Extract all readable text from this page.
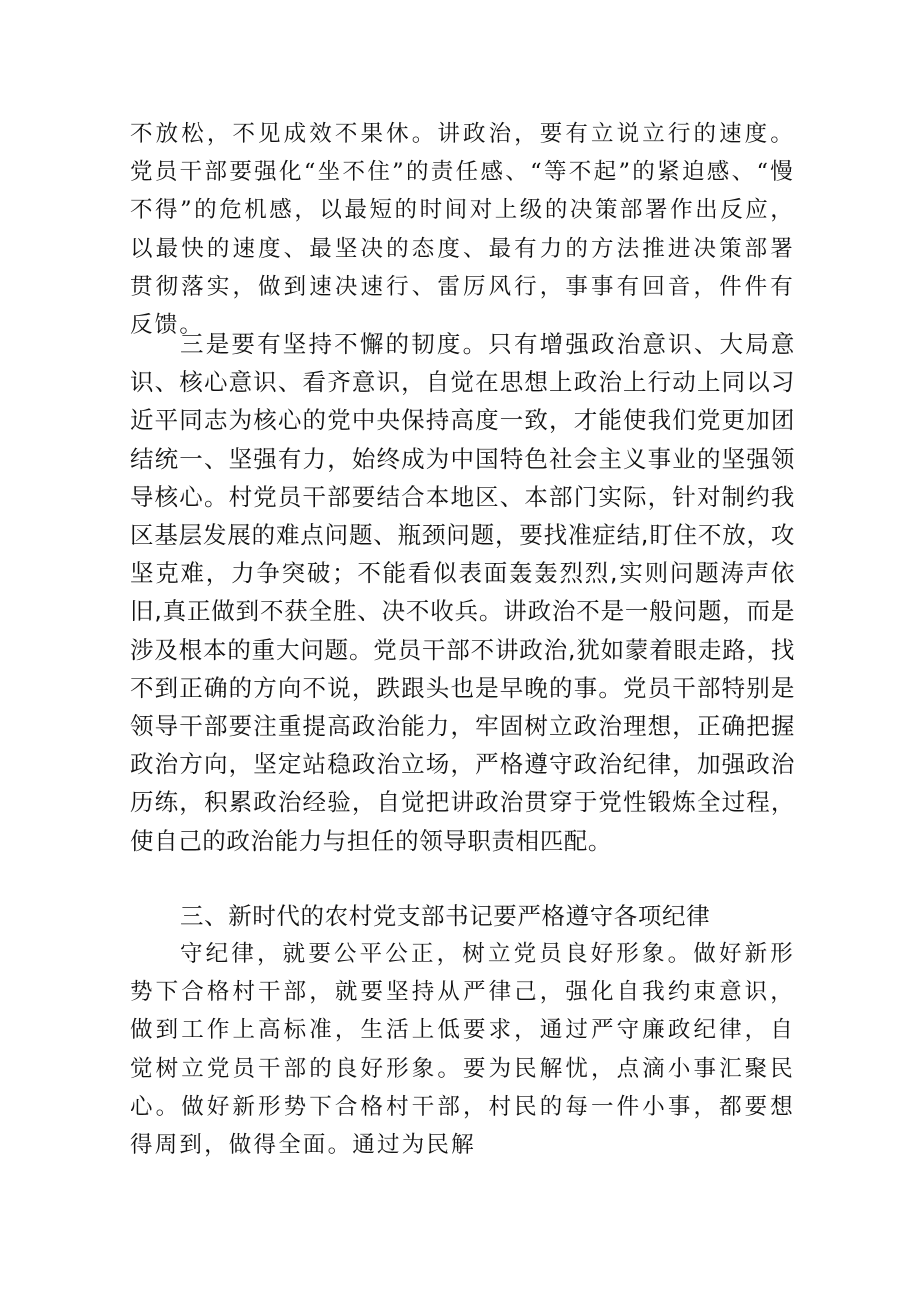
不放松，不见成效不果休。讲政治，要有立说立行的速度。党员干部要强化“坐不住”的责任感、“等不起”的紧迫感、“慢不得”的危机感，以最短的时间对上级的决策部署作出反应，以最快的速度、最坚决的态度、最有力的方法推进决策部署贯彻落实，做到速决速行、雷厉风行，事事有回音，件件有反馈。

三是要有坚持不懈的韧度。只有增强政治意识、大局意识、核心意识、看齐意识，自觉在思想上政治上行动上同以习近平同志为核心的党中央保持高度一致，才能使我们党更加团结统一、坚强有力，始终成为中国特色社会主义事业的坚强领导核心。村党员干部要结合本地区、本部门实际，针对制约我区基层发展的难点问题、瓶颈问题，要找准症结,盯住不放，攻坚克难，力争突破；不能看似表面轰轰烈烈,实则问题涛声依旧,真正做到不获全胜、决不收兵。讲政治不是一般问题，而是涉及根本的重大问题。党员干部不讲政治,犹如蒙着眼走路，找不到正确的方向不说，跌跟头也是早晚的事。党员干部特别是领导干部要注重提高政治能力，牢固树立政治理想，正确把握政治方向，坚定站稳政治立场，严格遵守政治纪律，加强政治历练，积累政治经验，自觉把讲政治贯穿于党性锻炼全过程，使自己的政治能力与担任的领导职责相匹配。

三、新时代的农村党支部书记要严格遵守各项纪律

守纪律，就要公平公正，树立党员良好形象。做好新形势下合格村干部，就要坚持从严律己，强化自我约束意识，做到工作上高标准，生活上低要求，通过严守廉政纪律，自觉树立党员干部的良好形象。要为民解忧，点滴小事汇聚民心。做好新形势下合格村干部，村民的每一件小事，都要想得周到，做得全面。通过为民解
